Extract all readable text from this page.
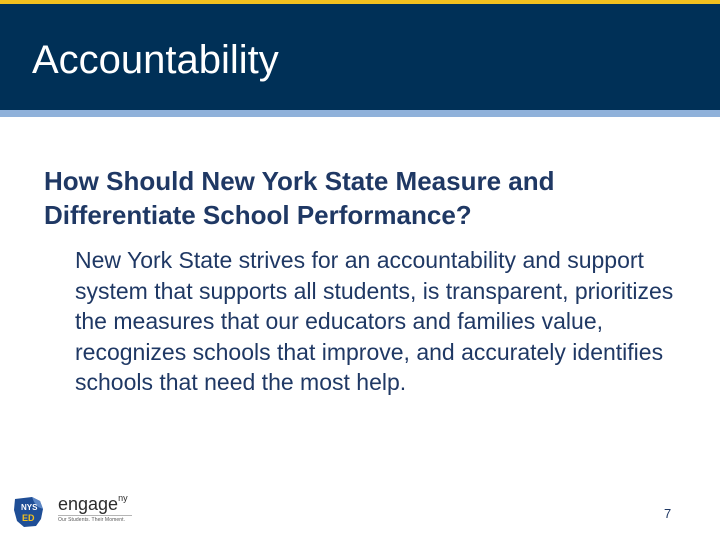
Accountability
How Should New York State Measure and Differentiate School Performance?
New York State strives for an accountability and support system that supports all students, is transparent, prioritizes the measures that our educators and families value, recognizes schools that improve, and accurately identifies schools that need the most help.
NYS
ED
engage$^{ny}$
Our Students. Their Moment.	7
